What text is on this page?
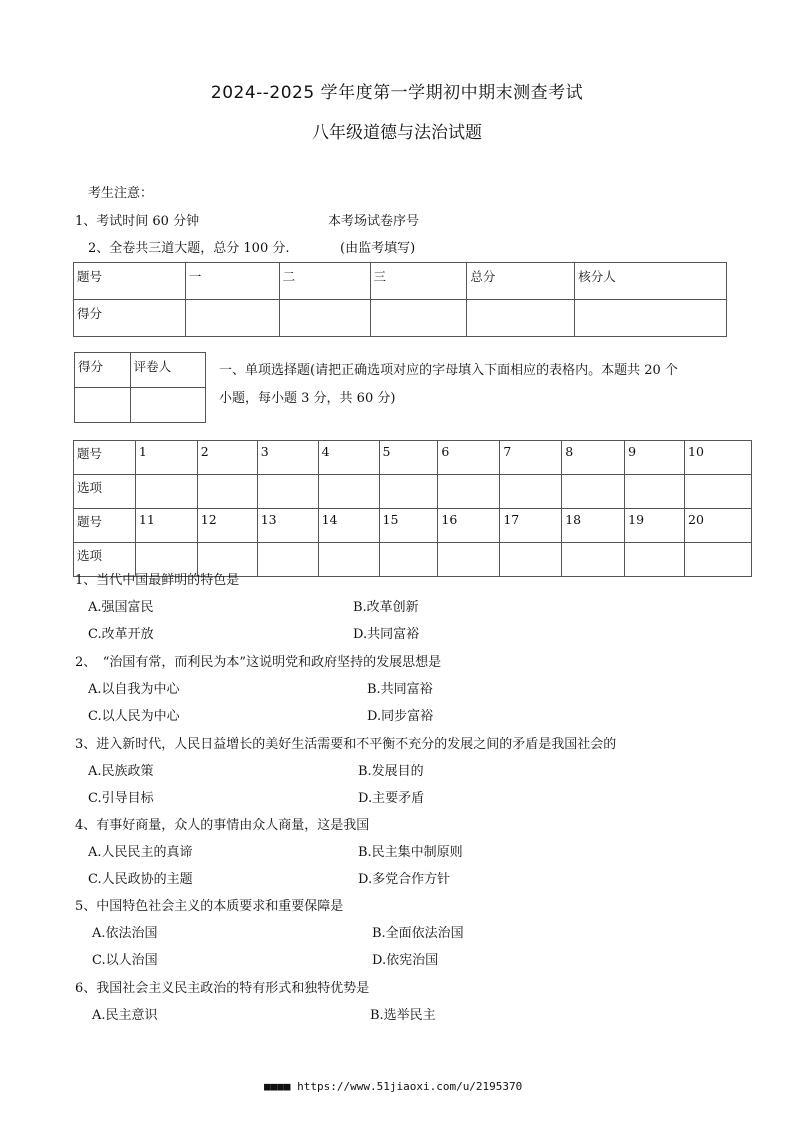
2024--2025 学年度第一学期初中期末测查考试
八年级道德与法治试题
考生注意：
1、考试时间 60 分钟	本考场试卷序号
2、全卷共三道大题，总分 100 分.	(由监考填写)
题号	一	二	三	总分	核分人
得分					
得分	评卷人
		一、单项选择题(请把正确选项对应的字母填入下面相应的表格内。本题共 20 个
小题，每小题 3 分，共 60 分)
题号	1	2	3	4	5	6	7	8	9	10
选项										
题号	11	12	13	14	15	16	17	18	19	20
选项										
1、当代中国最鲜明的特色是
A.强国富民	B.改革创新
C.改革开放	D.共同富裕
2、　“治国有常，而利民为本”这说明党和政府坚持的发展思想是
A.以自我为中心	B.共同富裕
C.以人民为中心	D.同步富裕
3、进入新时代，人民日益增长的美好生活需要和不平衡不充分的发展之间的矛盾是我国社会的
A.民族政策	B.发展目的
C.引导目标	D.主要矛盾
4、有事好商量，众人的事情由众人商量，这是我国
A.人民民主的真谛	B.民主集中制原则
C.人民政协的主题	D.多党合作方针
5、中国特色社会主义的本质要求和重要保障是
A.依法治国	B.全面依法治国
C.以人治国	D.依宪治国
6、我国社会主义民主政治的特有形式和独特优势是
A.民主意识	B.选举民主
■■■■ https://www.51jiaoxi.com/u/2195370
